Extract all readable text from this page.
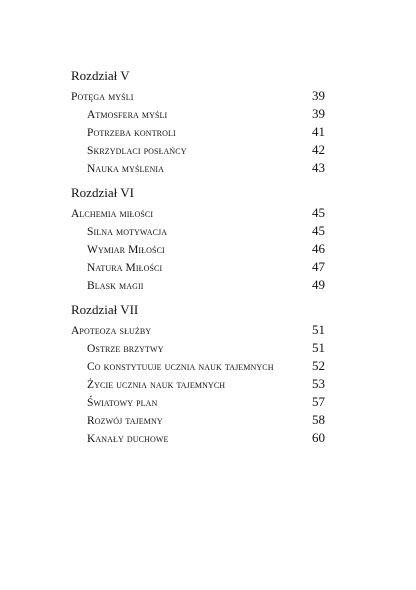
Rozdział V
Potęga myśli	39
Atmosfera myśli	39
Potrzeba kontroli	41
Skrzydlaci posłańcy	42
Nauka myślenia	43
Rozdział VI
Alchemia miłości	45
Silna motywacja	45
Wymiar Miłości	46
Natura Miłości	47
Blask magii	49
Rozdział VII
Apoteoza służby	51
Ostrze brzytwy	51
Co konstytuuje ucznia nauk tajemnych	52
Życie ucznia nauk tajemnych	53
Światowy plan	57
Rozwój tajemny	58
Kanały duchowe	60
